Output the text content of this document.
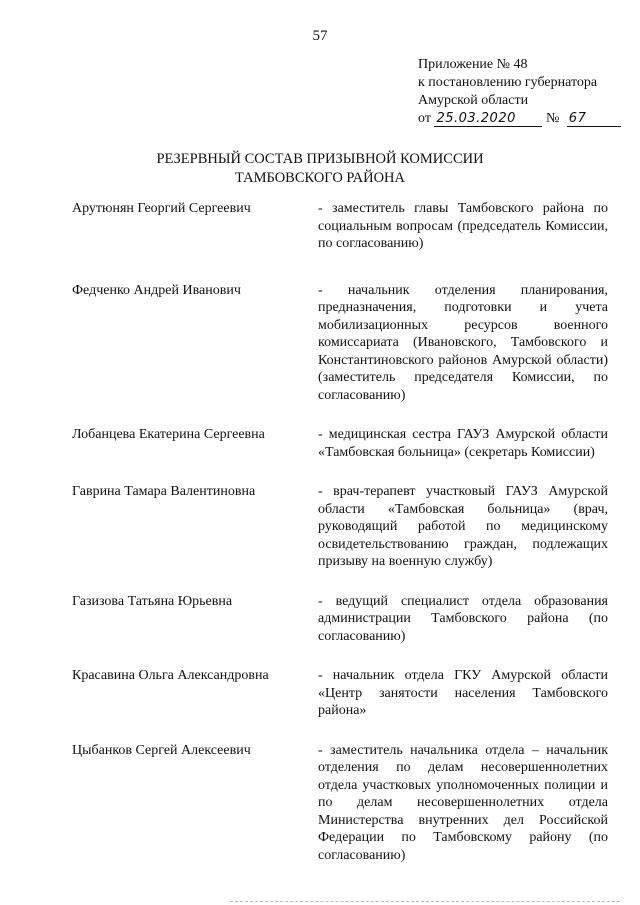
57
Приложение № 48
к постановлению губернатора
Амурской области
от 25.03.2020 № 67
РЕЗЕРВНЫЙ СОСТАВ ПРИЗЫВНОЙ КОМИССИИ
ТАМБОВСКОГО РАЙОНА
Арутюнян Георгий Сергеевич	- заместитель главы Тамбовского района по социальным вопросам (председатель Комиссии, по согласованию)
Федченко Андрей Иванович	- начальник отделения планирования, предназначения, подготовки и учета мобилизационных ресурсов военного комиссариата (Ивановского, Тамбовского и Константиновского районов Амурской области) (заместитель председателя Комиссии, по согласованию)
Лобанцева Екатерина Сергеевна	- медицинская сестра ГАУЗ Амурской области «Тамбовская больница» (секретарь Комиссии)
Гаврина Тамара Валентиновна	- врач-терапевт участковый ГАУЗ Амурской области «Тамбовская больница» (врач, руководящий работой по медицинскому освидетельствованию граждан, подлежащих призыву на военную службу)
Газизова Татьяна Юрьевна	- ведущий специалист отдела образования администрации Тамбовского района (по согласованию)
Красавина Ольга Александровна	- начальник отдела ГКУ Амурской области «Центр занятости населения Тамбовского района»
Цыбанков Сергей Алексеевич	- заместитель начальника отдела – начальник отделения по делам несовершеннолетних отдела участковых уполномоченных полиции и по делам несовершеннолетних отдела Министерства внутренних дел Российской Федерации по Тамбовскому району (по согласованию)
